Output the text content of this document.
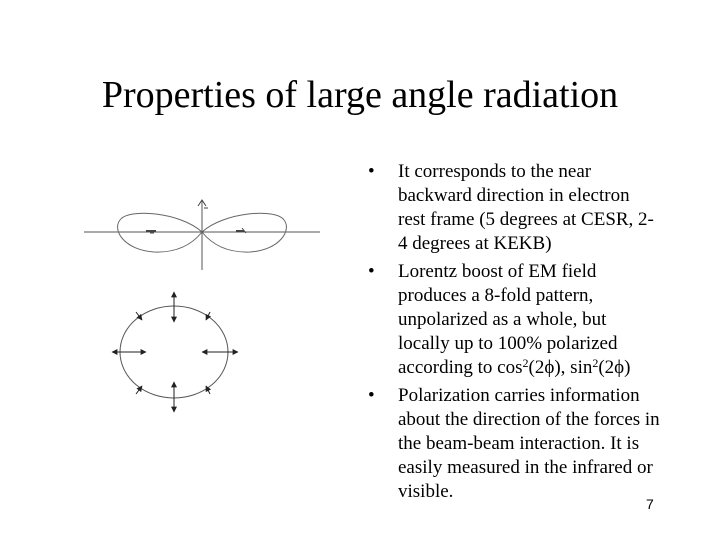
Properties of large angle radiation
• It corresponds to the near backward direction in electron rest frame (5 degrees at CESR, 2-4 degrees at KEKB)
• Lorentz boost of EM field produces a 8-fold pattern, unpolarized as a whole, but locally up to 100% polarized according to $\cos^2(2\phi)$, $\sin^2(2\phi)$
• Polarization carries information about the direction of the forces in the beam-beam interaction. It is easily measured in the infrared or visible.
7
